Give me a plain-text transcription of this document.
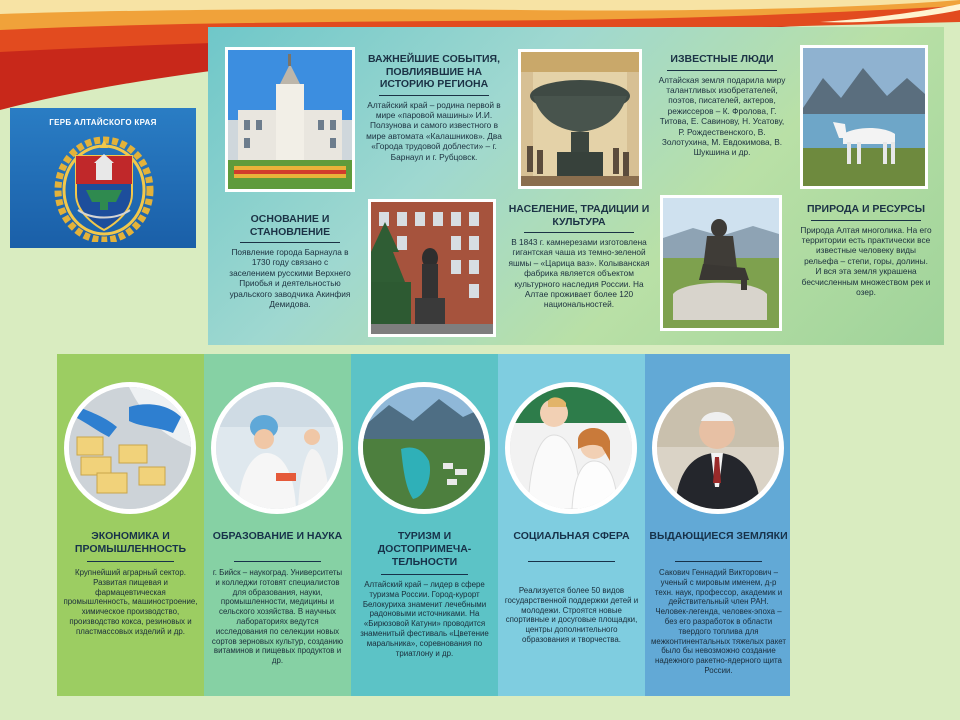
ГЕРБ АЛТАЙСКОГО КРАЯ
ВАЖНЕЙШИЕ СОБЫТИЯ, ПОВЛИЯВШИЕ НА ИСТОРИЮ РЕГИОНА
Алтайский край – родина первой в мире «паровой машины» И.И. Ползунова и самого известного в мире автомата «Калашников». Два «Города трудовой доблести» – г. Барнаул и г. Рубцовск.
ОСНОВАНИЕ И СТАНОВЛЕНИЕ
Появление города Барнаула в 1730 году связано с заселением русскими Верхнего Приобья и деятельностью уральского заводчика Акинфия Демидова.
НАСЕЛЕНИЕ, ТРАДИЦИИ И КУЛЬТУРА
В 1843 г. камнерезами изготовлена гигантская чаша из темно-зеленой яшмы – «Царица ваз». Колыванская фабрика является объектом культурного наследия России. На Алтае проживает более 120 национальностей.
ИЗВЕСТНЫЕ ЛЮДИ
Алтайская земля подарила миру талантливых изобретателей, поэтов, писателей, актеров, режиссеров – К. Фролова, Г. Титова, Е. Савинову, Н. Усатову, Р. Рождественского, В. Золотухина, М. Евдокимова, В. Шукшина и др.
ПРИРОДА И РЕСУРСЫ
Природа Алтая многолика. На его территории есть практически все известные человеку виды рельефа – степи, горы, долины. И вся эта земля украшена бесчисленным множеством рек и озер.
ЭКОНОМИКА И ПРОМЫШЛЕННОСТЬ
Крупнейший аграрный сектор. Развитая пищевая и фармацевтическая промышленность, машиностроение, химическое производство, производство кокса, резиновых и пластмассовых изделий и др.
ОБРАЗОВАНИЕ И НАУКА
г. Бийск – наукоград. Университеты и колледжи готовят специалистов для образования, науки, промышленности, медицины и сельского хозяйства. В научных лабораториях ведутся исследования по селекции новых сортов зерновых культур, созданию витаминов и пищевых продуктов и др.
ТУРИЗМ И ДОСТОПРИМЕЧА-ТЕЛЬНОСТИ
Алтайский край – лидер в сфере туризма России. Город-курорт Белокуриха знаменит лечебными радоновыми источниками. На «Бирюзовой Катуни» проводится знаменитый фестиваль «Цветение маральника», соревнования по триатлону и др.
СОЦИАЛЬНАЯ СФЕРА
Реализуется более 50 видов государственной поддержки детей и молодежи. Строятся новые спортивные и досуговые площадки, центры дополнительного образования и творчества.
ВЫДАЮЩИЕСЯ ЗЕМЛЯКИ
Сакович Геннадий Викторович – ученый с мировым именем, д-р техн. наук, профессор, академик и действительный член РАН. Человек-легенда, человек-эпоха – без его разработок в области твердого топлива для межконтинентальных тяжелых ракет было бы невозможно создание надежного ракетно-ядерного щита России.
